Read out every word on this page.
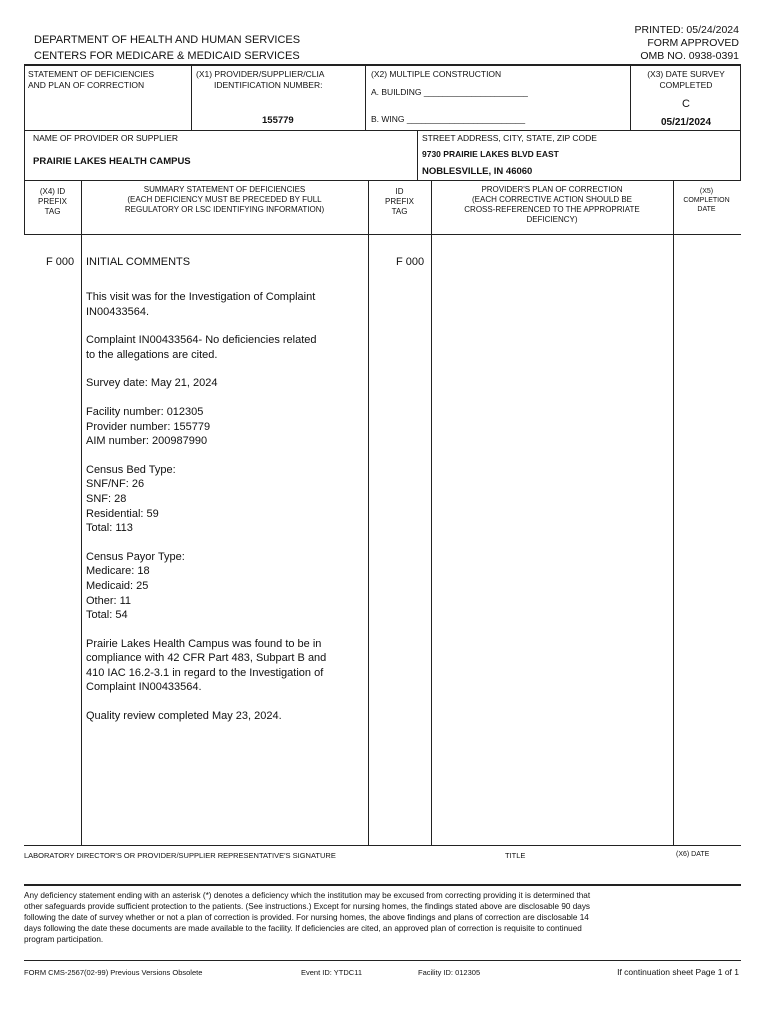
DEPARTMENT OF HEALTH AND HUMAN SERVICES
CENTERS FOR MEDICARE & MEDICAID SERVICES
PRINTED: 05/24/2024
FORM APPROVED
OMB NO. 0938-0391
STATEMENT OF DEFICIENCIES
AND PLAN OF CORRECTION
(X1) PROVIDER/SUPPLIER/CLIA
IDENTIFICATION NUMBER:
155779
(X2) MULTIPLE CONSTRUCTION
A. BUILDING ______________________
B. WING _________________________
(X3) DATE SURVEY
COMPLETED
C
05/21/2024
NAME OF PROVIDER OR SUPPLIER
PRAIRIE LAKES HEALTH CAMPUS
STREET ADDRESS, CITY, STATE, ZIP CODE
9730 PRAIRIE LAKES BLVD EAST
NOBLESVILLE, IN 46060
(X4) ID
PREFIX
TAG
SUMMARY STATEMENT OF DEFICIENCIES
(EACH DEFICIENCY MUST BE PRECEDED BY FULL
REGULATORY OR LSC IDENTIFYING INFORMATION)
ID
PREFIX
TAG
PROVIDER'S PLAN OF CORRECTION
(EACH CORRECTIVE ACTION SHOULD BE
CROSS-REFERENCED TO THE APPROPRIATE
DEFICIENCY)
(X5)
COMPLETION
DATE
F 000 INITIAL COMMENTS	F 000

This visit was for the Investigation of Complaint
IN00433564.

Complaint IN00433564- No deficiencies related
to the allegations are cited.

Survey date: May 21, 2024

Facility number: 012305
Provider number: 155779
AIM number: 200987990

Census Bed Type:
SNF/NF: 26
SNF: 28
Residential: 59
Total: 113

Census Payor Type:
Medicare: 18
Medicaid: 25
Other: 11
Total: 54

Prairie Lakes Health Campus was found to be in
compliance with 42 CFR Part 483, Subpart B and
410 IAC 16.2-3.1 in regard to the Investigation of
Complaint IN00433564.

Quality review completed May 23, 2024.

LABORATORY DIRECTOR'S OR PROVIDER/SUPPLIER REPRESENTATIVE'S SIGNATURE	TITLE	(X6) DATE
Any deficiency statement ending with an asterisk (*) denotes a deficiency which the institution may be excused from correcting providing it is determined that
other safeguards provide sufficient protection to the patients. (See instructions.) Except for nursing homes, the findings stated above are disclosable 90 days
following the date of survey whether or not a plan of correction is provided. For nursing homes, the above findings and plans of correction are disclosable 14
days following the date these documents are made available to the facility. If deficiencies are cited, an approved plan of correction is requisite to continued
program participation.
FORM CMS-2567(02-99) Previous Versions Obsolete	Event ID: YTDC11	Facility ID: 012305	If continuation sheet Page 1 of 1
